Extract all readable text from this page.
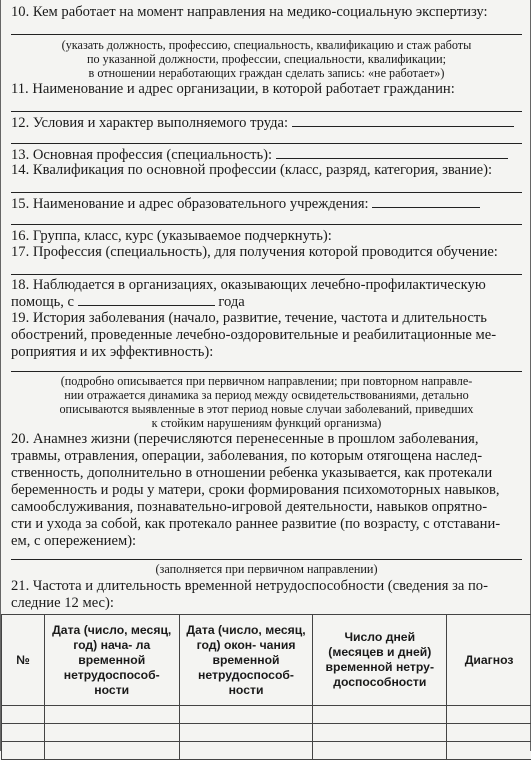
10. Кем работает на момент направления на медико-социальную экспертизу:
(указать должность, профессию, специальность, квалификацию и стаж работы
по указанной должности, профессии, специальности, квалификации;
в отношении неработающих граждан сделать запись: «не работает»)
11. Наименование и адрес организации, в которой работает гражданин:
12. Условия и характер выполняемого труда:
13. Основная профессия (специальность):
14. Квалификация по основной профессии (класс, разряд, категория, звание):
15. Наименование и адрес образовательного учреждения:
16. Группа, класс, курс (указываемое подчеркнуть):
17. Профессия (специальность), для получения которой проводится обучение:
18. Наблюдается в организациях, оказывающих лечебно-профилактическую
помощь, с	года
19. История заболевания (начало, развитие, течение, частота и длительность
обострений, проведенные лечебно-оздоровительные и реабилитационные ме-
роприятия и их эффективность):
(подробно описывается при первичном направлении; при повторном направле-
нии отражается динамика за период между освидетельствованиями, детально
описываются выявленные в этот период новые случаи заболеваний, приведших
к стойким нарушениям функций организма)
20. Анамнез жизни (перечисляются перенесенные в прошлом заболевания,
травмы, отравления, операции, заболевания, по которым отягощена наслед-
ственность, дополнительно в отношении ребенка указывается, как протекали
беременность и роды у матери, сроки формирования психомоторных навыков,
самообслуживания, познавательно-игровой деятельности, навыков опрятно-
сти и ухода за собой, как протекало раннее развитие (по возрасту, с отставани-
ем, с опережением):
(заполняется при первичном направлении)
21. Частота и длительность временной нетрудоспособности (сведения за по-
следние 12 мес):
№	Дата (число, месяц, год) нача- ла временной нетрудоспособ- ности	Дата (число, месяц, год) окон- чания временной нетрудоспособ- ности	Число дней (месяцев и дней) временной нетру- доспособности	Диагноз
